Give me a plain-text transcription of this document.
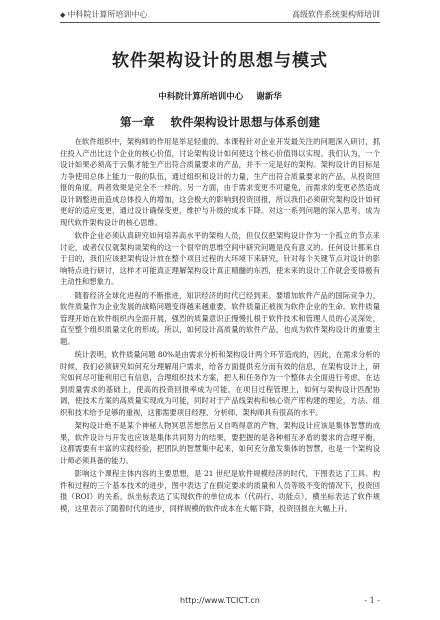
◆ 中科院计算所培训中心	高级软件系统架构师培训
软件架构设计的思想与模式
中科院计算所培训中心 谢新华
第一章 软件架构设计思想与体系创建

在软件组织中，架构师的作用是举足轻重的。本课程针对企业开发最关注的问题深入研讨，抓住投入产出比这个企业的核心价值，讨论架构设计如何使这个核心价值得以实现。我们认为，一个设计如果必须高于云集才能生产出符合质量要求的产品，并不一定是好的架构。架构设计的目标是力争使用总体上能力一般的队伍，通过组织和设计的力量，生产出符合质量要求的产品，从投资回报的角度，两者效果是完全不一样的。另一方面，由于需求变更不可避免，而需求的变更必然造成设计调整进而造成总体投入的增加，这会极大的影响到投资回报，所以我们必须研究架构设计如何更好的适应变更，通过设计确保变更，维护与升级的成本下降。对这一系列问题的深入思考，成为现代软件架构设计的核心思维。

软件企业必须认真研究如何培养高水平的架构人员，但仅仅把架构设计作为一个孤立的节点来讨论，或者仅仅就架构谈架构的这一个很窄的思维空间中研究问题是没有意义的。任何设计都来自于目的，我们应该把架构设计放在整个项目过程的大环境下来研究，针对每个关键节点对设计的影响特点进行研讨，这样才可能真正理解架构设计真正精髓的东西，使未来的设计工作就会变得极有主动性和想象力。

随着经济全球化进程的不断推进，知识经济的时代已经到来。要增加软件产品的国际竞争力，软件质量作为企业发展的战略问题变得越来越重要，软件质量正被视为软件企业的生命。软件质量管理开始在软件组织内全面开展，强烈的质量意识正慢慢扎根于软件技术和管理人员的心灵深处，直至整个组织质量文化的形成。所以，如何设计高质量的软件产品，也成为软件架构设计的重要主题。

统计表明，软件质量问题 80%是由需求分析和架构设计两个环节造成的，因此，在需求分析的时候，我们必须研究如何充分理解用户需求，给各方面提供充分而有效的信息，在架构设计上，研究如何尽可能利用已有信息，合理组织技术方案，把人和任务作为一个整体去全面进行考虑，在达到质量需求的基础上，使高的投资回报率成为可能。在项目过程管理上，如何与架构设计匹配协调，使技术方案的高质量实现成为可能，同时对于产品线架构和核心资产库构建的理论，方法、组织和技术给予足够的重视，这都需要项目经理、分析师、架构师具有很高的水平。

架构设计绝不是某个神秘人物冥思苦想然后又自鸣得意的产物，架构设计应该是集体智慧的成果，软件设计与开发也应该是集体共同努力的结果，要把握的是各种相互矛盾的要求的合理平衡，这都需要有丰富的实践经验，把团队的智慧集中起来，如何充分激发集体的智慧，也是一个架构设计师必须具备的能力。

影响这个课程主体内容的主要思想，是 21 世纪是软件规模经济的时代，下图表达了工具、构件和过程的三个基本技术的进步，图中表达了在假定要求的质量和人员等级不变的情况下，投资回报（ROI）的关系，纵坐标表达了实现软件的单位成本（代码行、功能点），横坐标表达了软件规模，这里表示了随着时代的进步，同样规模的软件成本在大幅下降，投资回报在大幅上升。

http://www.TCICT.cn	- 1 -
